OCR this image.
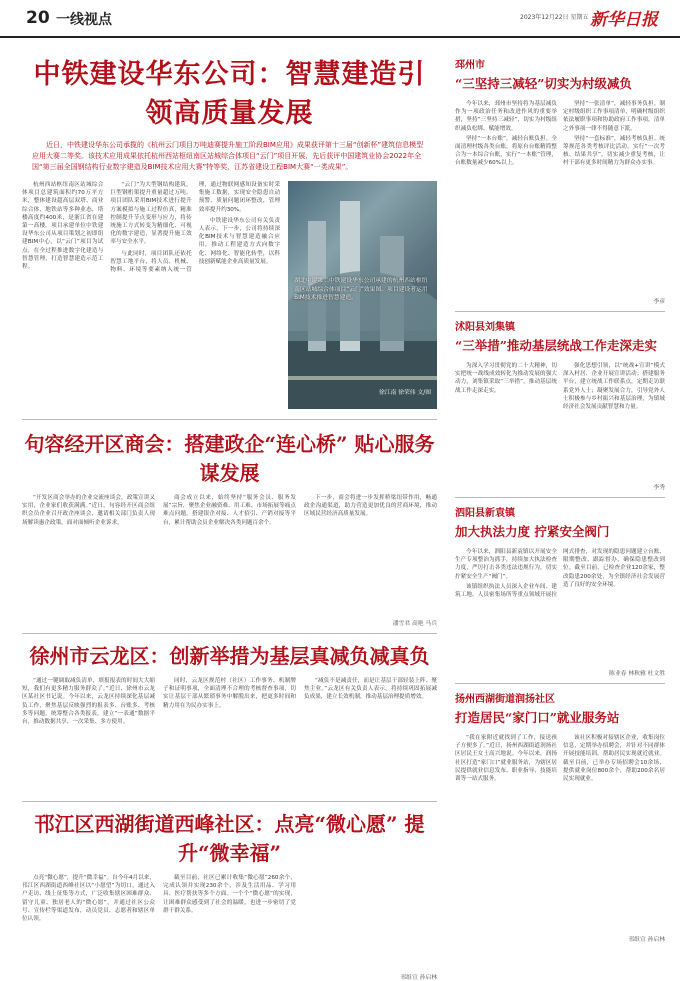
20 一线视点	2023年12月22日 星期五 新华日报
中铁建设华东公司：智慧建造引领高质量发展
近日，中铁建设华东公司承揽的《杭州云门项目万吨迪赛提升施工阶段BIM应用》成果获评第十三届“创新杯”建筑信息模型应用大赛二等奖。该技术应用成果依托杭州西站枢纽南区站城综合体项目“云门”项目开展，先后获评中国建筑业协会2022年全国“第三届全国钢结构行业数字建造及BIM技术应用大赛”特等奖，江苏省建设工程BIM大赛“一类成果”。

杭州西站枢纽南区站城综合体项目总建筑面积约70万平方米，整体建设超高层双塔、商业综合体、地铁站等多种业态，塔楼高度约400米，是浙江省在建第一高楼。项目承建单位中铁建设华东公司从项目策划之初即组建BIM中心，以“云门”项目为试点，在全过程推进数字化建造与智慧管理，打造智慧建造示范工程。

“云门”为大型钢结构建筑，巨型钢桁架提升重量超过万吨。项目团队采用BIM技术进行提升方案模拟与施工过程仿真，精准控制提升节点变形与应力，将传统施工方式转变为精细化、可视化的数字建造，显著提升施工效率与安全水平。

与此同时，项目团队还依托智慧工地平台，将人员、机械、物料、环境等要素纳入统一管理，通过物联网感知设备实时采集施工数据，实现安全隐患自动预警、质量问题闭环整改，管理效率提升约30%。

中铁建设华东公司有关负责人表示，下一步，公司将持续深化BIM技术与智慧建造融合应用，推动工程建造方式向数字化、网络化、智能化转型，以科技创新赋能企业高质量发展。

湖北中建第二中铁建设华东公司承建的杭州西站枢纽南区站城综合体项目“云门”效果图。项目建设者运用BIM技术推进智慧建造。
徐江南 徐荣伟 文/图
句容经开区商会：搭建政企“连心桥” 贴心服务谋发展

“开发区商会举办的企业交流座谈会，政策宣讲又实用，企业家们收获满满。”近日，句容经开区商会组织会员企业召开政企座谈会，邀请相关部门负责人现场解读惠企政策，面对面倾听企业诉求。

商会成立以来，始终坚持“服务会员、服务发展”宗旨，聚焦企业融资难、用工难、市场拓展等痛点难点问题，搭建银企对接、人才招引、产销对接等平台，累计帮助会员企业解决各类问题百余个。

下一步，商会将进一步发挥桥梁纽带作用，畅通政企沟通渠道，助力营造更加优良的营商环境，推动区域民营经济高质量发展。

潘雪君 高艳 马兵
徐州市云龙区：创新举措为基层真减负减真负

“通过一键调取减负清单，填报报表的时间大大缩短，我们有更多精力服务群众了。”近日，徐州市云龙区某社区书记说。今年以来，云龙区持续深化基层减负工作，聚焦基层反映强烈的报表多、台账多、考核多等问题，统筹整合各类报表，建立“一表通”数据平台，推动数据共享、一次采集、多方使用。

同时，云龙区规范村（社区）工作事务、机制牌子和证明事项，全面清理不合理的考核督查事项，切实让基层干部从繁琐事务中解脱出来，把更多时间和精力用在为民办实事上。

“减负不是减责任，而是让基层干部轻装上阵、聚焦主业。”云龙区有关负责人表示，将持续巩固拓展减负成果，建立长效机制，推动基层治理提质增效。

邗江区西湖街道西峰社区：点亮“微心愿” 提升“微幸福”

点亮“微心愿”，提升“微幸福”。自今年4月以来，邗江区西湖街道西峰社区以“小愿望”为切口，通过入户走访、线上征集等方式，广泛收集辖区困难群众、留守儿童、独居老人的“微心愿”，并通过社区公众号、宣传栏等渠道发布，动员党员、志愿者和辖区单位认领。

截至目前，社区已累计收集“微心愿”260余个，完成认领并实现230余个，涉及生活用品、学习用具、医疗帮扶等多个方面。一个个“微心愿”的实现，让困难群众感受到了社会的温暖，也进一步密切了党群干群关系。

邗组宣 孙启林
邳州市
“三坚持三减轻”切实为村级减负

今年以来，邳州市坚持将为基层减负作为一项政治任务和改进作风的重要举措，坚持“三坚持三减轻”，切实为村级组织减负松绑、赋能增效。

坚持“一本台账”，减轻台账负担。全面清理村级各类台账，将原有台账精简整合为一本综合台账，实行“一本账”管理，台账数量减少60%以上。

坚持“一张清单”，减轻事务负担。制定村级组织工作事项清单，明确村级组织依法履职事项和协助政府工作事项，清单之外事项一律不得随意下派。

坚持“一套标准”，减轻考核负担。统筹规范各类考核评比活动，实行“一次考核、结果共享”，切实减少重复考核，让村干部有更多时间精力为群众办实事。

李彦
沭阳县刘集镇
“三举措”推动基层统战工作走深走实

为深入学习贯彻党的二十大精神，切实把统一战线成效转化为推动发展的强大动力，刘集镇采取“三举措”，推动基层统战工作走深走实。

强化思想引领，以“统战+宣讲”模式深入村居、企业开展宣讲活动；搭建服务平台，建立统战工作联系点，定期走访联系党外人士；凝聚发展合力，引导党外人士积极参与乡村振兴和基层治理，为镇域经济社会发展贡献智慧和力量。

李秀
泗阳县新袁镇
加大执法力度 拧紧安全阀门

今年以来，泗阳县新袁镇以开展安全生产专项整治为抓手，持续加大执法检查力度，严厉打击各类违法违规行为，切实拧紧安全生产“阀门”。

该镇组织执法人员深入企业车间、建筑工地、人员密集场所等重点领域开展拉网式排查，对发现的隐患问题建立台账、限期整改、跟踪督办，确保隐患整改到位。截至目前，已检查企业120余家，整改隐患200余处，为全镇经济社会发展营造了良好的安全环境。

陈业春 林秋雅 杜文胜
扬州西湖街道润扬社区
打造居民“家门口”就业服务站

“我在家附近就找到了工作，接送孩子方便多了。”近日，扬州西湖街道润扬社区居民王女士高兴地说。今年以来，润扬社区打造“家门口”就业服务站，为辖区居民提供就业信息发布、职业指导、技能培训等一站式服务。

该社区积极对接辖区企业，收集岗位信息，定期举办招聘会，并针对不同群体开展技能培训，帮助居民实现就近就业。截至目前，已举办专场招聘会10余场，提供就业岗位800余个，帮助200余名居民实现就业。

邗组宣 孙启林
